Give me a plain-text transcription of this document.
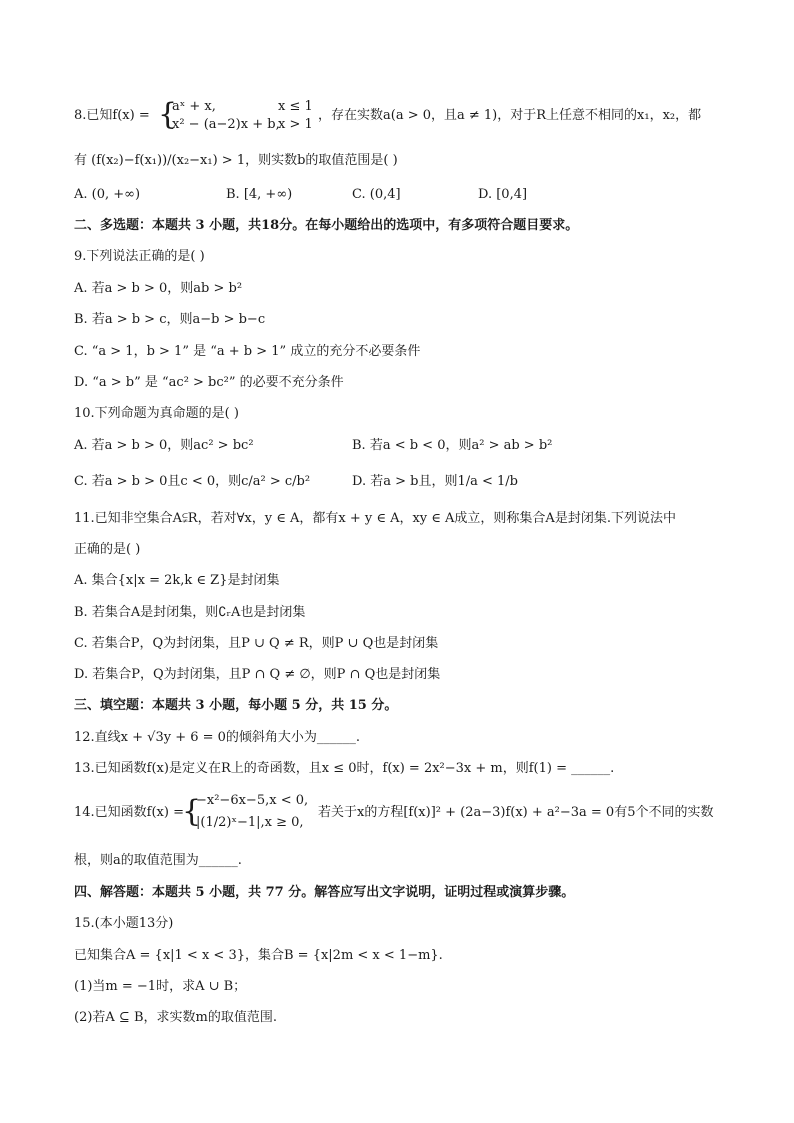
8.已知f(x) = {
aˣ + x,	x ≤ 1
x² − (a−2)x + b,
x > 1
，存在实数a(a > 0，且a ≠ 1)，对于R上任意不相同的x₁，x₂，都
有 (f(x₂)−f(x₁))/(x₂−x₁) > 1，则实数b的取值范围是( )
A. (0, +∞)	B. [4, +∞)	C. (0,4]	D. [0,4]
二、多选题：本题共 3 小题，共18分。在每小题给出的选项中，有多项符合题目要求。
9.下列说法正确的是( )
A. 若a > b > 0，则ab > b²
B. 若a > b > c，则a−b > b−c
C. “a > 1，b > 1” 是 “a + b > 1” 成立的充分不必要条件
D. “a > b” 是 “ac² > bc²” 的必要不充分条件
10.下列命题为真命题的是( )
A. 若a > b > 0，则ac² > bc²	B. 若a < b < 0，则a² > ab > b²
C. 若a > b > 0且c < 0，则c/a² > c/b²	D. 若a > b且，则1/a < 1/b
11.已知非空集合A⫋R，若对∀x，y ∈ A，都有x + y ∈ A，xy ∈ A成立，则称集合A是封闭集.下列说法中
正确的是( )
A. 集合{x|x = 2k,k ∈ Z}是封闭集
B. 若集合A是封闭集，则∁ᵣA也是封闭集
C. 若集合P，Q为封闭集，且P ∪ Q ≠ R，则P ∪ Q也是封闭集
D. 若集合P，Q为封闭集，且P ∩ Q ≠ ∅，则P ∩ Q也是封闭集
三、填空题：本题共 3 小题，每小题 5 分，共 15 分。
12.直线x + √3y + 6 = 0的倾斜角大小为______.
13.已知函数f(x)是定义在R上的奇函数，且x ≤ 0时，f(x) = 2x²−3x + m，则f(1) = ______.
14.已知函数f(x) =
{
−x²−6x−5,x < 0,
|(1/2)ˣ−1|,x ≥ 0,
若关于x的方程[f(x)]² + (2a−3)f(x) + a²−3a = 0有5个不同的实数
根，则a的取值范围为______.
四、解答题：本题共 5 小题，共 77 分。解答应写出文字说明，证明过程或演算步骤。
15.(本小题13分)
已知集合A = {x|1 < x < 3}，集合B = {x|2m < x < 1−m}.
(1)当m = −1时，求A ∪ B；
(2)若A ⊆ B，求实数m的取值范围.
